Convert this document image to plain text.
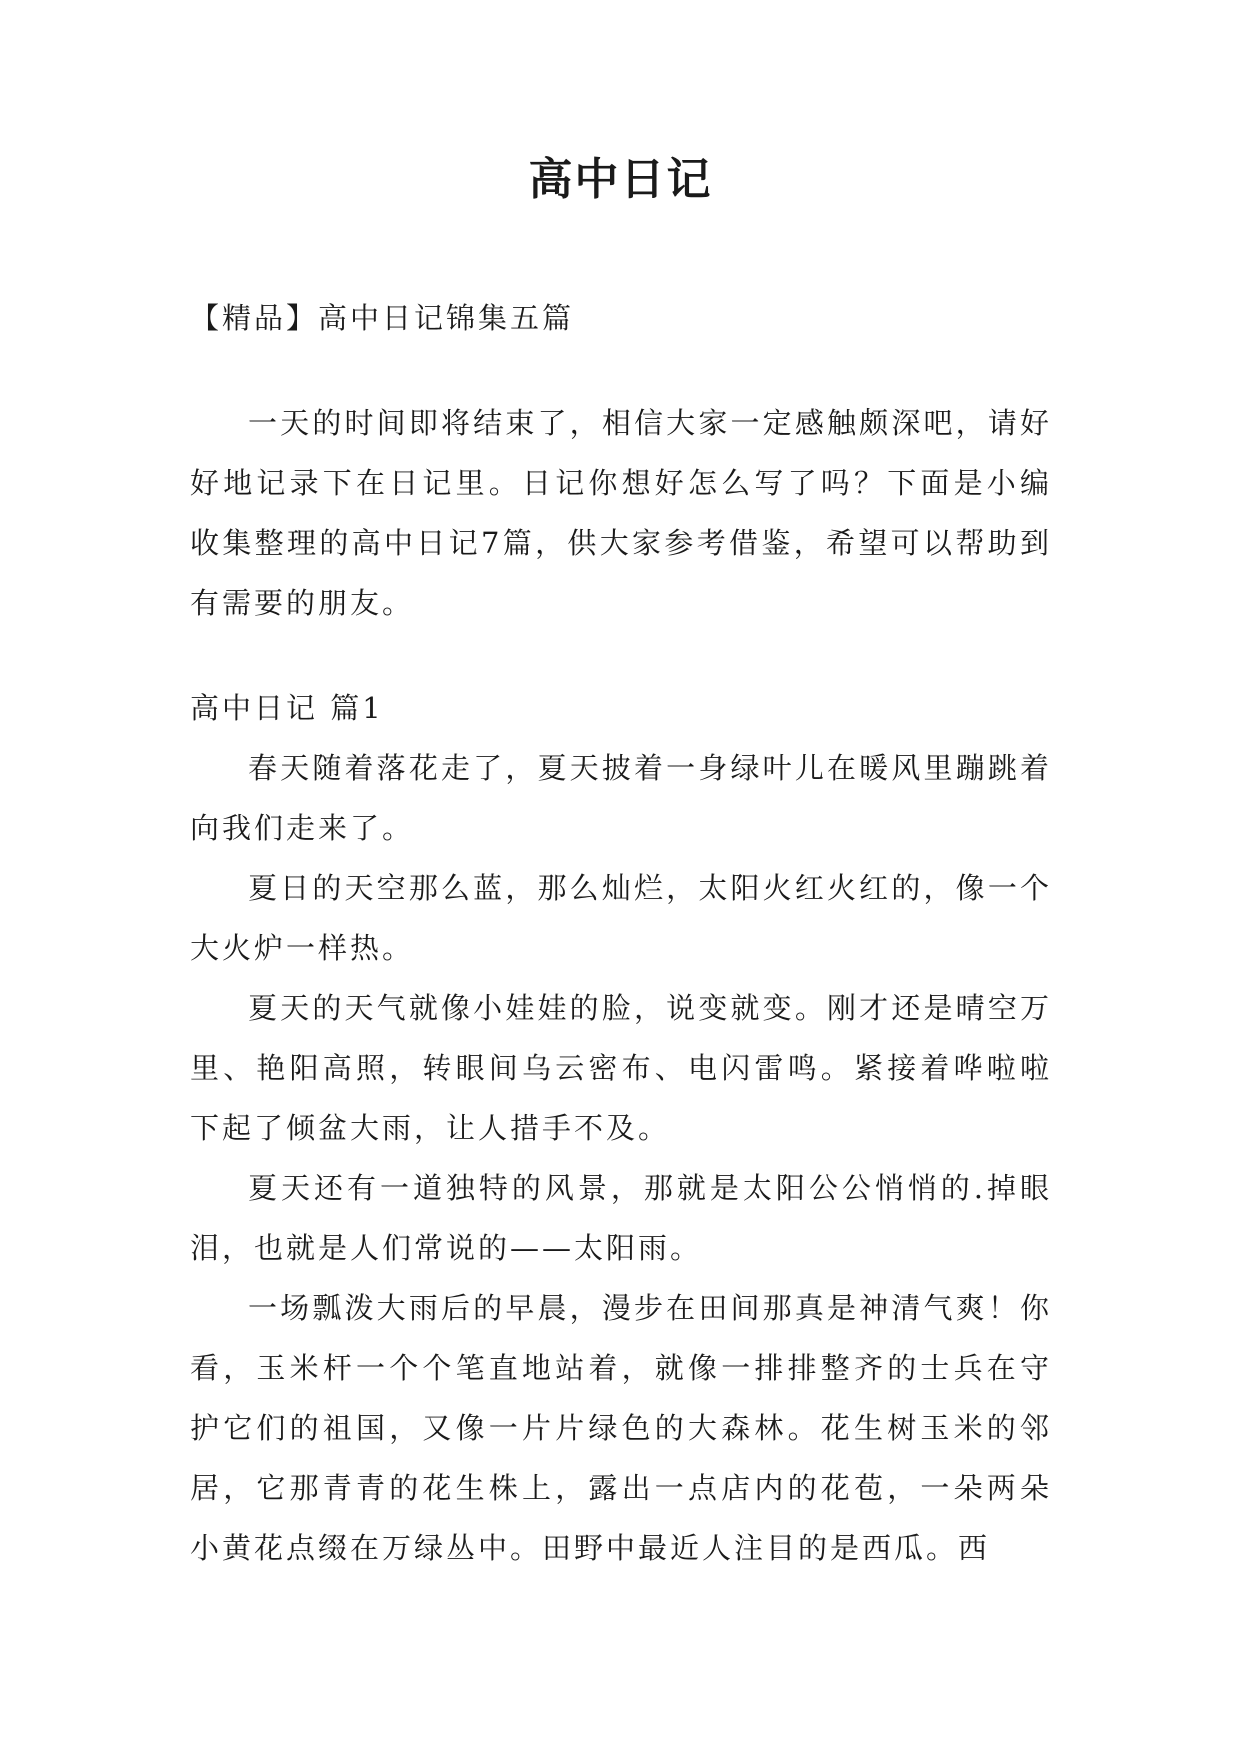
高中日记

【精品】高中日记锦集五篇

一天的时间即将结束了，相信大家一定感触颇深吧，请好好地记录下在日记里。日记你想好怎么写了吗？下面是小编收集整理的高中日记7篇，供大家参考借鉴，希望可以帮助到有需要的朋友。

高中日记 篇1

春天随着落花走了，夏天披着一身绿叶儿在暖风里蹦跳着向我们走来了。

夏日的天空那么蓝，那么灿烂，太阳火红火红的，像一个大火炉一样热。

夏天的天气就像小娃娃的脸，说变就变。刚才还是晴空万里、艳阳高照，转眼间乌云密布、电闪雷鸣。紧接着哗啦啦下起了倾盆大雨，让人措手不及。

夏天还有一道独特的风景，那就是太阳公公悄悄的.掉眼泪，也就是人们常说的——太阳雨。

一场瓢泼大雨后的早晨，漫步在田间那真是神清气爽！你看，玉米杆一个个笔直地站着，就像一排排整齐的士兵在守护它们的祖国，又像一片片绿色的大森林。花生树玉米的邻居，它那青青的花生株上，露出一点店内的花苞，一朵两朵小黄花点缀在万绿丛中。田野中最近人注目的是西瓜。西
